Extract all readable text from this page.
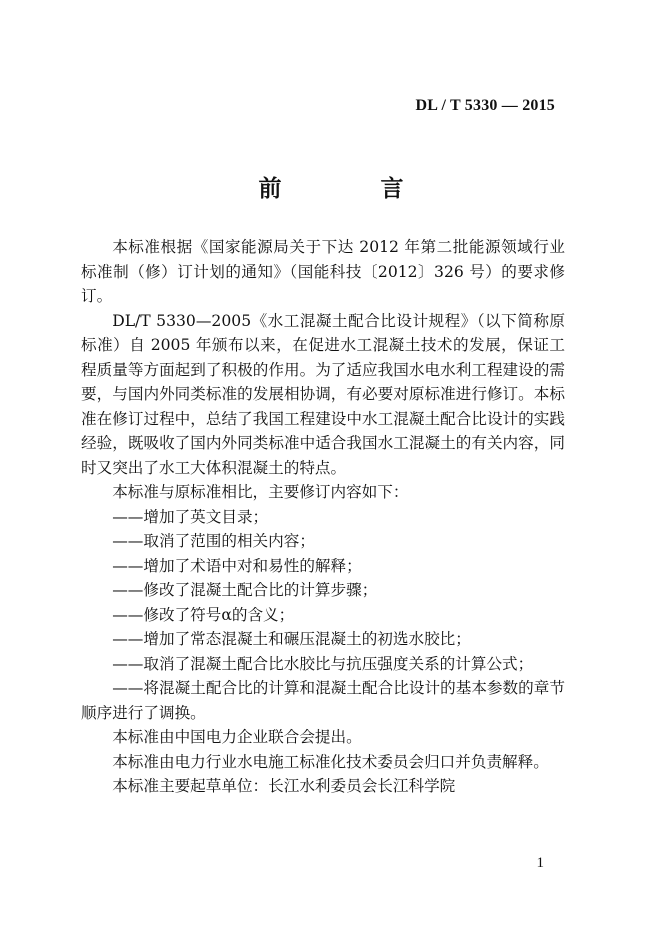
DL / T 5330 — 2015
前　言

本标准根据《国家能源局关于下达 2012 年第二批能源领域行业标准制（修）订计划的通知》（国能科技〔2012〕326 号）的要求修订。

DL/T 5330—2005《水工混凝土配合比设计规程》（以下简称原标准）自 2005 年颁布以来，在促进水工混凝土技术的发展，保证工程质量等方面起到了积极的作用。为了适应我国水电水利工程建设的需要，与国内外同类标准的发展相协调，有必要对原标准进行修订。本标准在修订过程中，总结了我国工程建设中水工混凝土配合比设计的实践经验，既吸收了国内外同类标准中适合我国水工混凝土的有关内容，同时又突出了水工大体积混凝土的特点。

本标准与原标准相比，主要修订内容如下：

——增加了英文目录；

——取消了范围的相关内容；

——增加了术语中对和易性的解释；

——修改了混凝土配合比的计算步骤；

——修改了符号α的含义；

——增加了常态混凝土和碾压混凝土的初选水胶比；

——取消了混凝土配合比水胶比与抗压强度关系的计算公式；

——将混凝土配合比的计算和混凝土配合比设计的基本参数的章节顺序进行了调换。

本标准由中国电力企业联合会提出。

本标准由电力行业水电施工标准化技术委员会归口并负责解释。

本标准主要起草单位：长江水利委员会长江科学院

1
